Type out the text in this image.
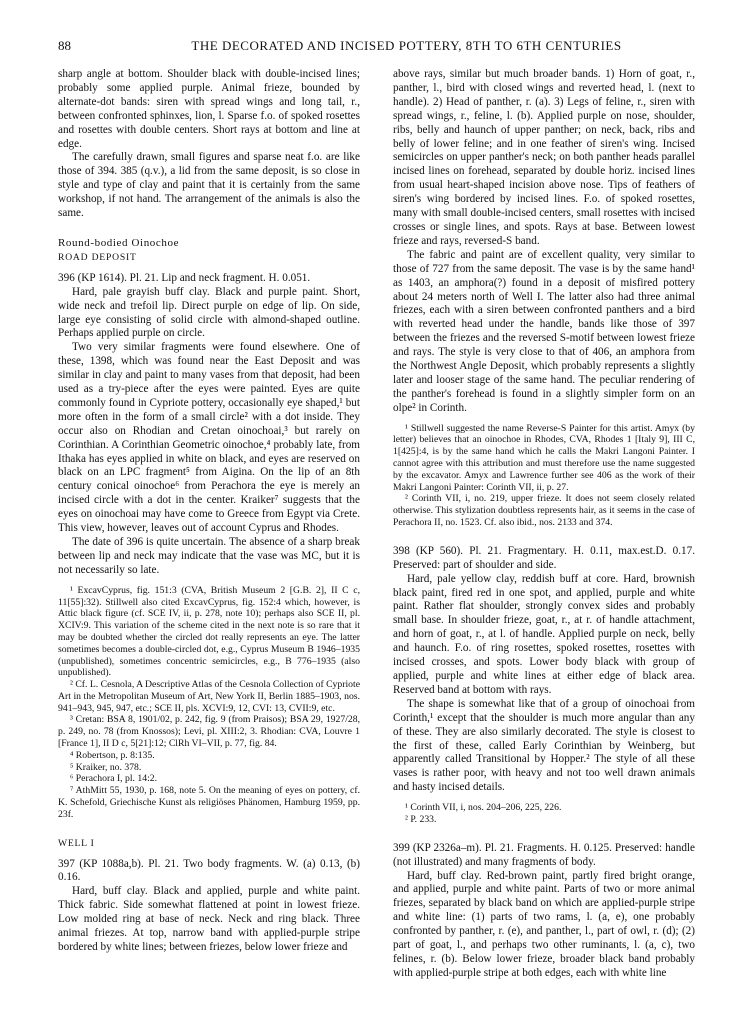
88	THE DECORATED AND INCISED POTTERY, 8TH TO 6TH CENTURIES

sharp angle at bottom. Shoulder black with double-incised lines; probably some applied purple. Animal frieze, bounded by alternate-dot bands: siren with spread wings and long tail, r., between confronted sphinxes, lion, l. Sparse f.o. of spoked rosettes and rosettes with double centers. Short rays at bottom and line at edge.

The carefully drawn, small figures and sparse neat f.o. are like those of 394. 385 (q.v.), a lid from the same deposit, is so close in style and type of clay and paint that it is certainly from the same workshop, if not hand. The arrangement of the animals is also the same.

Round-bodied Oinochoe

ROAD DEPOSIT

396 (KP 1614). Pl. 21. Lip and neck fragment. H. 0.051.

Hard, pale grayish buff clay. Black and purple paint. Short, wide neck and trefoil lip. Direct purple on edge of lip. On side, large eye consisting of solid circle with almond-shaped outline. Perhaps applied purple on circle.

Two very similar fragments were found elsewhere. One of these, 1398, which was found near the East Deposit and was similar in clay and paint to many vases from that deposit, had been used as a try-piece after the eyes were painted. Eyes are quite commonly found in Cypriote pottery, occasionally eye shaped,¹ but more often in the form of a small circle² with a dot inside. They occur also on Rhodian and Cretan oinochoai,³ but rarely on Corinthian. A Corinthian Geometric oinochoe,⁴ probably late, from Ithaka has eyes applied in white on black, and eyes are reserved on black on an LPC fragment⁵ from Aigina. On the lip of an 8th century conical oinochoe⁶ from Perachora the eye is merely an incised circle with a dot in the center. Kraiker⁷ suggests that the eyes on oinochoai may have come to Greece from Egypt via Crete. This view, however, leaves out of account Cyprus and Rhodes.

The date of 396 is quite uncertain. The absence of a sharp break between lip and neck may indicate that the vase was MC, but it is not necessarily so late.

¹ ExcavCyprus, fig. 151:3 (CVA, British Museum 2 [G.B. 2], II C c, 11[55]:32). Stillwell also cited ExcavCyprus, fig. 152:4 which, however, is Attic black figure (cf. SCE IV, ii, p. 278, note 10); perhaps also SCE II, pl. XCIV:9. This variation of the scheme cited in the next note is so rare that it may be doubted whether the circled dot really represents an eye. The latter sometimes becomes a double-circled dot, e.g., Cyprus Museum B 1946–1935 (unpublished), sometimes concentric semicircles, e.g., B 776–1935 (also unpublished).

² Cf. L. Cesnola, A Descriptive Atlas of the Cesnola Collection of Cypriote Art in the Metropolitan Museum of Art, New York II, Berlin 1885–1903, nos. 941–943, 945, 947, etc.; SCE II, pls. XCVI:9, 12, CVI: 13, CVII:9, etc.

³ Cretan: BSA 8, 1901/02, p. 242, fig. 9 (from Praisos); BSA 29, 1927/28, p. 249, no. 78 (from Knossos); Levi, pl. XIII:2, 3. Rhodian: CVA, Louvre 1 [France 1], II D c, 5[21]:12; ClRh VI–VII, p. 77, fig. 84.

⁴ Robertson, p. 8:135.

⁵ Kraiker, no. 378.

⁶ Perachora I, pl. 14:2.

⁷ AthMitt 55, 1930, p. 168, note 5. On the meaning of eyes on pottery, cf. K. Schefold, Griechische Kunst als religiöses Phänomen, Hamburg 1959, pp. 23f.

WELL I

397 (KP 1088a,b). Pl. 21. Two body fragments. W. (a) 0.13, (b) 0.16.

Hard, buff clay. Black and applied, purple and white paint. Thick fabric. Side somewhat flattened at point in lowest frieze. Low molded ring at base of neck. Neck and ring black. Three animal friezes. At top, narrow band with applied-purple stripe bordered by white lines; between friezes, below lower frieze and

above rays, similar but much broader bands. 1) Horn of goat, r., panther, l., bird with closed wings and reverted head, l. (next to handle). 2) Head of panther, r. (a). 3) Legs of feline, r., siren with spread wings, r., feline, l. (b). Applied purple on nose, shoulder, ribs, belly and haunch of upper panther; on neck, back, ribs and belly of lower feline; and in one feather of siren's wing. Incised semicircles on upper panther's neck; on both panther heads parallel incised lines on forehead, separated by double horiz. incised lines from usual heart-shaped incision above nose. Tips of feathers of siren's wing bordered by incised lines. F.o. of spoked rosettes, many with small double-incised centers, small rosettes with incised crosses or single lines, and spots. Rays at base. Between lowest frieze and rays, reversed-S band.

The fabric and paint are of excellent quality, very similar to those of 727 from the same deposit. The vase is by the same hand¹ as 1403, an amphora(?) found in a deposit of misfired pottery about 24 meters north of Well I. The latter also had three animal friezes, each with a siren between confronted panthers and a bird with reverted head under the handle, bands like those of 397 between the friezes and the reversed S-motif between lowest frieze and rays. The style is very close to that of 406, an amphora from the Northwest Angle Deposit, which probably represents a slightly later and looser stage of the same hand. The peculiar rendering of the panther's forehead is found in a slightly simpler form on an olpe² in Corinth.

¹ Stillwell suggested the name Reverse-S Painter for this artist. Amyx (by letter) believes that an oinochoe in Rhodes, CVA, Rhodes 1 [Italy 9], III C, 1[425]:4, is by the same hand which he calls the Makri Langoni Painter. I cannot agree with this attribution and must therefore use the name suggested by the excavator. Amyx and Lawrence further see 406 as the work of their Makri Langoni Painter: Corinth VII, ii, p. 27.

² Corinth VII, i, no. 219, upper frieze. It does not seem closely related otherwise. This stylization doubtless represents hair, as it seems in the case of Perachora II, no. 1523. Cf. also ibid., nos. 2133 and 374.

398 (KP 560). Pl. 21. Fragmentary. H. 0.11, max.est.D. 0.17. Preserved: part of shoulder and side.

Hard, pale yellow clay, reddish buff at core. Hard, brownish black paint, fired red in one spot, and applied, purple and white paint. Rather flat shoulder, strongly convex sides and probably small base. In shoulder frieze, goat, r., at r. of handle attachment, and horn of goat, r., at l. of handle. Applied purple on neck, belly and haunch. F.o. of ring rosettes, spoked rosettes, rosettes with incised crosses, and spots. Lower body black with group of applied, purple and white lines at either edge of black area. Reserved band at bottom with rays.

The shape is somewhat like that of a group of oinochoai from Corinth,¹ except that the shoulder is much more angular than any of these. They are also similarly decorated. The style is closest to the first of these, called Early Corinthian by Weinberg, but apparently called Transitional by Hopper.² The style of all these vases is rather poor, with heavy and not too well drawn animals and hasty incised details.

¹ Corinth VII, i, nos. 204–206, 225, 226.

² P. 233.

399 (KP 2326a–m). Pl. 21. Fragments. H. 0.125. Preserved: handle (not illustrated) and many fragments of body.

Hard, buff clay. Red-brown paint, partly fired bright orange, and applied, purple and white paint. Parts of two or more animal friezes, separated by black band on which are applied-purple stripe and white line: (1) parts of two rams, l. (a, e), one probably confronted by panther, r. (e), and panther, l., part of owl, r. (d); (2) part of goat, l., and perhaps two other ruminants, l. (a, c), two felines, r. (b). Below lower frieze, broader black band probably with applied-purple stripe at both edges, each with white line
